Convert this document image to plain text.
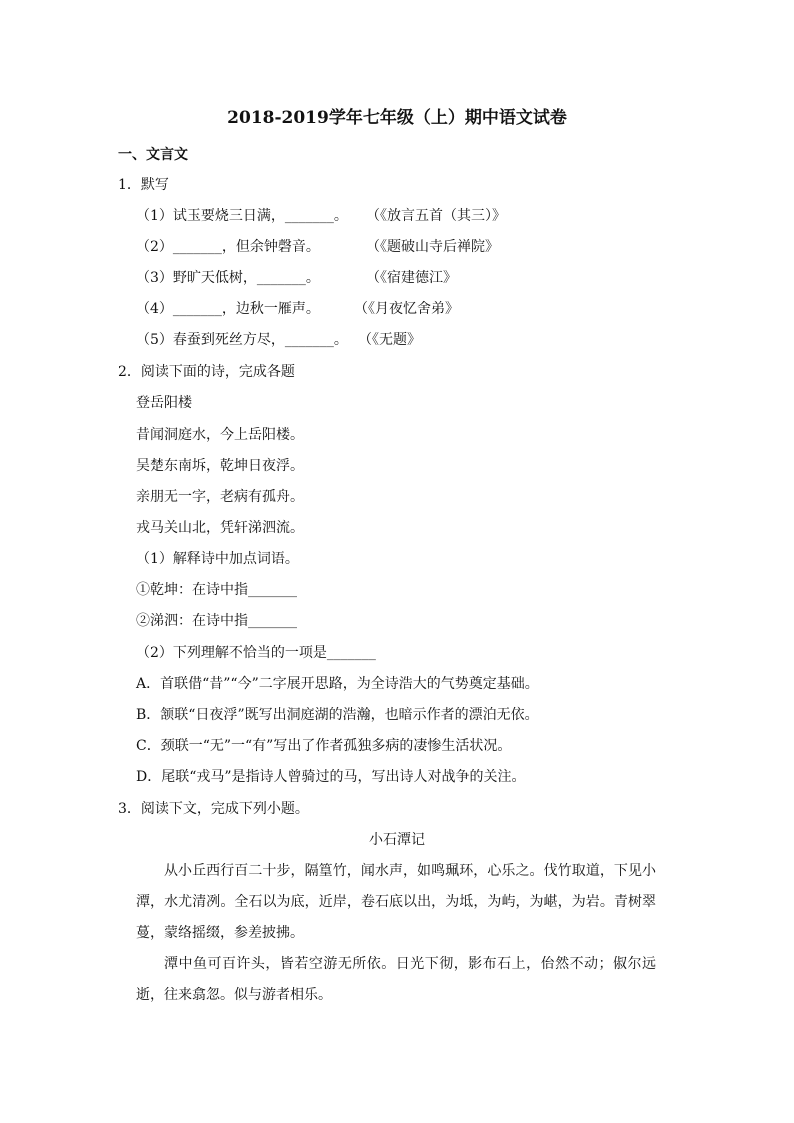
2018-2019学年七年级（上）期中语文试卷
一、文言文
1．默写
（1）试玉要烧三日满，_______。 （《放言五首（其三）》
（2）_______，但余钟磬音。	（《题破山寺后禅院》
（3）野旷天低树，_______。	（《宿建德江》
（4）_______，边秋一雁声。 （《月夜忆舍弟》
（5）春蚕到死丝方尽，_______。 （《无题》
2．阅读下面的诗，完成各题
登岳阳楼
昔闻洞庭水，今上岳阳楼。
吴楚东南坼，乾坤日夜浮。
亲朋无一字，老病有孤舟。
戎马关山北，凭轩涕泗流。
（1）解释诗中加点词语。
①乾坤：在诗中指_______
②涕泗：在诗中指_______
（2）下列理解不恰当的一项是_______
A．首联借“昔”“今”二字展开思路，为全诗浩大的气势奠定基础。
B．颔联“日夜浮”既写出洞庭湖的浩瀚，也暗示作者的漂泊无依。
C．颈联一“无”一“有”写出了作者孤独多病的凄惨生活状况。
D．尾联“戎马”是指诗人曾骑过的马，写出诗人对战争的关注。
3．阅读下文，完成下列小题。
小石潭记
从小丘西行百二十步，隔篁竹，闻水声，如鸣珮环，心乐之。伐竹取道，下见小潭，水尤清冽。全石以为底，近岸，卷石底以出，为坻，为屿，为嵁，为岩。青树翠蔓，蒙络摇缀，参差披拂。
潭中鱼可百许头，皆若空游无所依。日光下彻，影布石上，佁然不动；俶尔远逝，往来翕忽。似与游者相乐。
